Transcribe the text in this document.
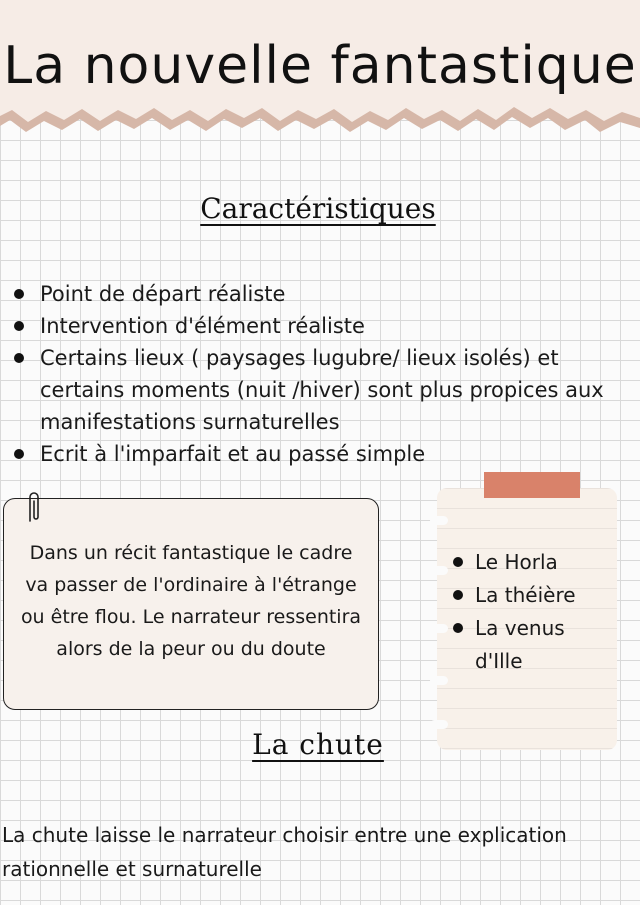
La nouvelle fantastique
Caractéristiques
Point de départ réaliste
Intervention d'élément réaliste
Certains lieux ( paysages lugubre/ lieux isolés) et certains moments (nuit /hiver) sont plus propices aux manifestations surnaturelles
Ecrit à l'imparfait et au passé simple
Dans un récit fantastique le cadre va passer de l'ordinaire à l'étrange ou être flou. Le narrateur ressentira alors de la peur ou du doute
Le Horla
La théière
La venus d'Ille
La chute
La chute laisse le narrateur choisir entre une explication rationnelle et surnaturelle
